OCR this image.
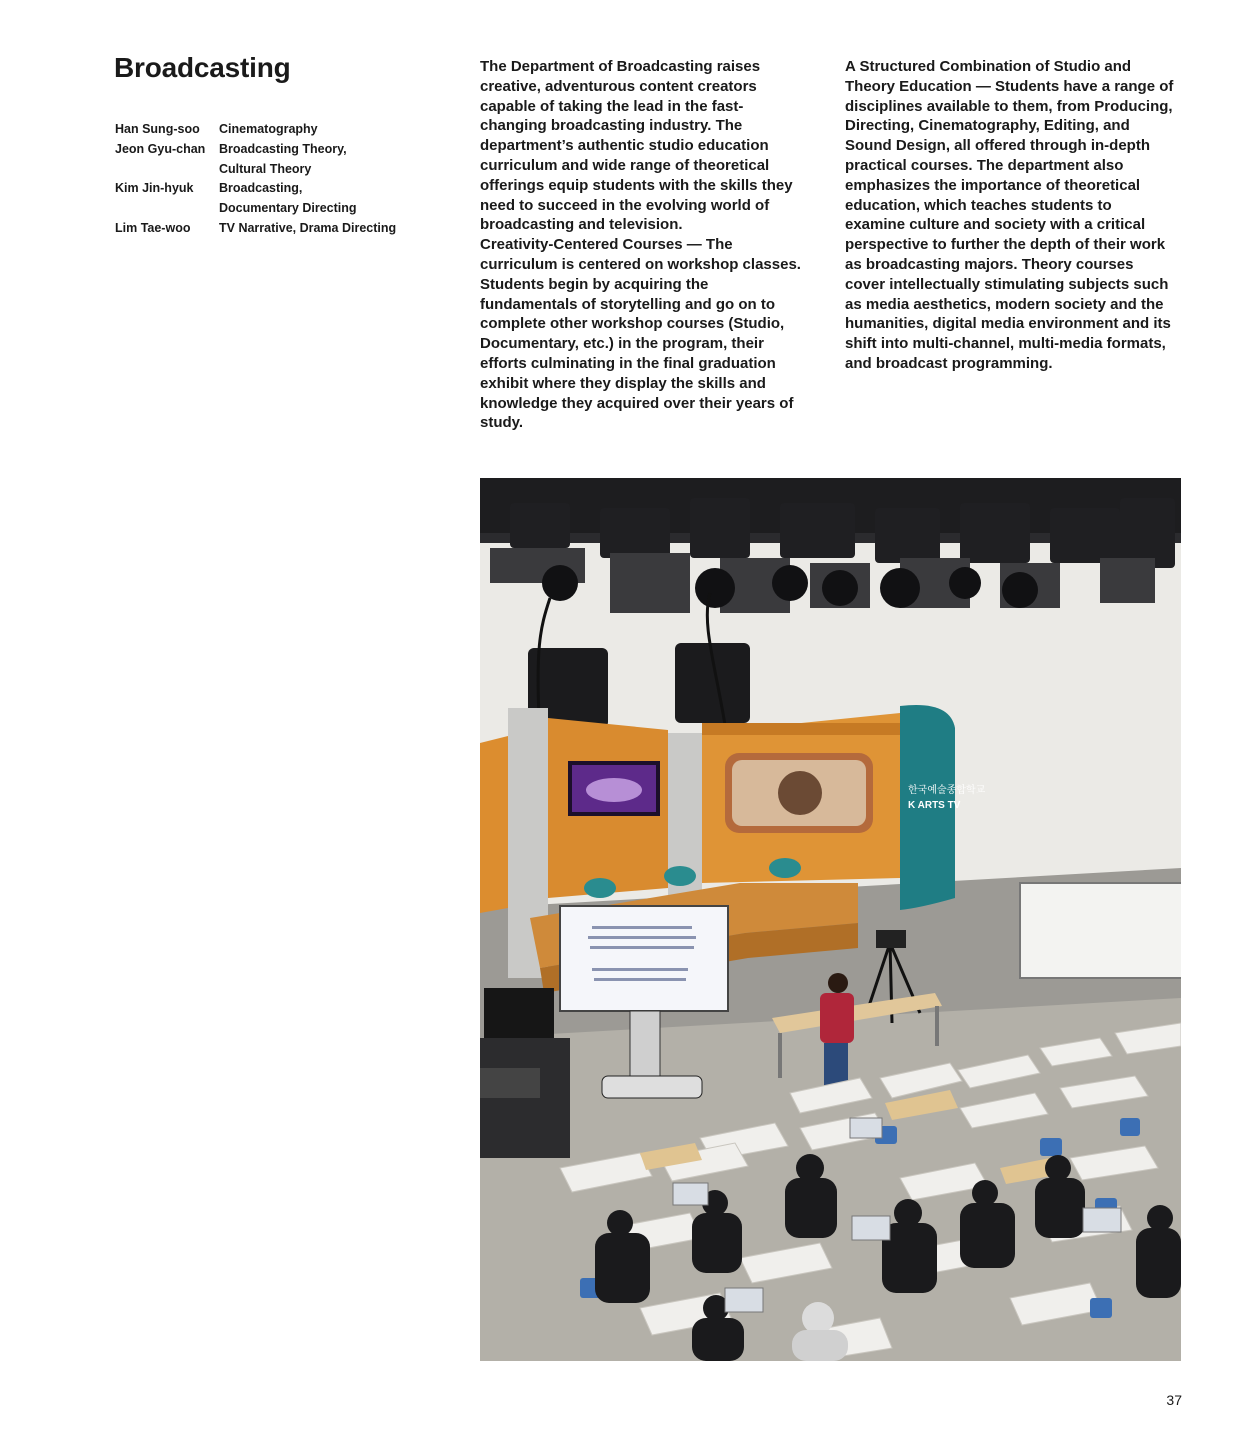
Broadcasting
Han Sung-soo	Cinematography
Jeon Gyu-chan	Broadcasting Theory,
Cultural Theory
Kim Jin-hyuk	Broadcasting,
Documentary Directing
Lim Tae-woo	TV Narrative, Drama Directing

The Department of Broadcasting raises creative, adventurous content creators capable of taking the lead in the fast-changing broadcasting industry. The department’s authentic studio education curriculum and wide range of theoretical offerings equip students with the skills they need to succeed in the evolving world of broadcasting and television.

Creativity-Centered Courses — The curriculum is centered on workshop classes. Students begin by acquiring the fundamentals of storytelling and go on to complete other workshop courses (Studio, Documentary, etc.) in the program, their efforts culminating in the final graduation exhibit where they display the skills and knowledge they acquired over their years of study.

A Structured Combination of Studio and Theory Education — Students have a range of disciplines available to them, from Producing, Directing, Cinematography, Editing, and Sound Design, all offered through in-depth practical courses. The department also emphasizes the importance of theoretical education, which teaches students to examine culture and society with a critical perspective to further the depth of their work as broadcasting majors. Theory courses cover intellectually stimulating subjects such as media aesthetics, modern society and the humanities, digital media environment and its shift into multi-channel, multi-media formats, and broadcast programming.

한국예술종합학교
K ARTS TV
37
